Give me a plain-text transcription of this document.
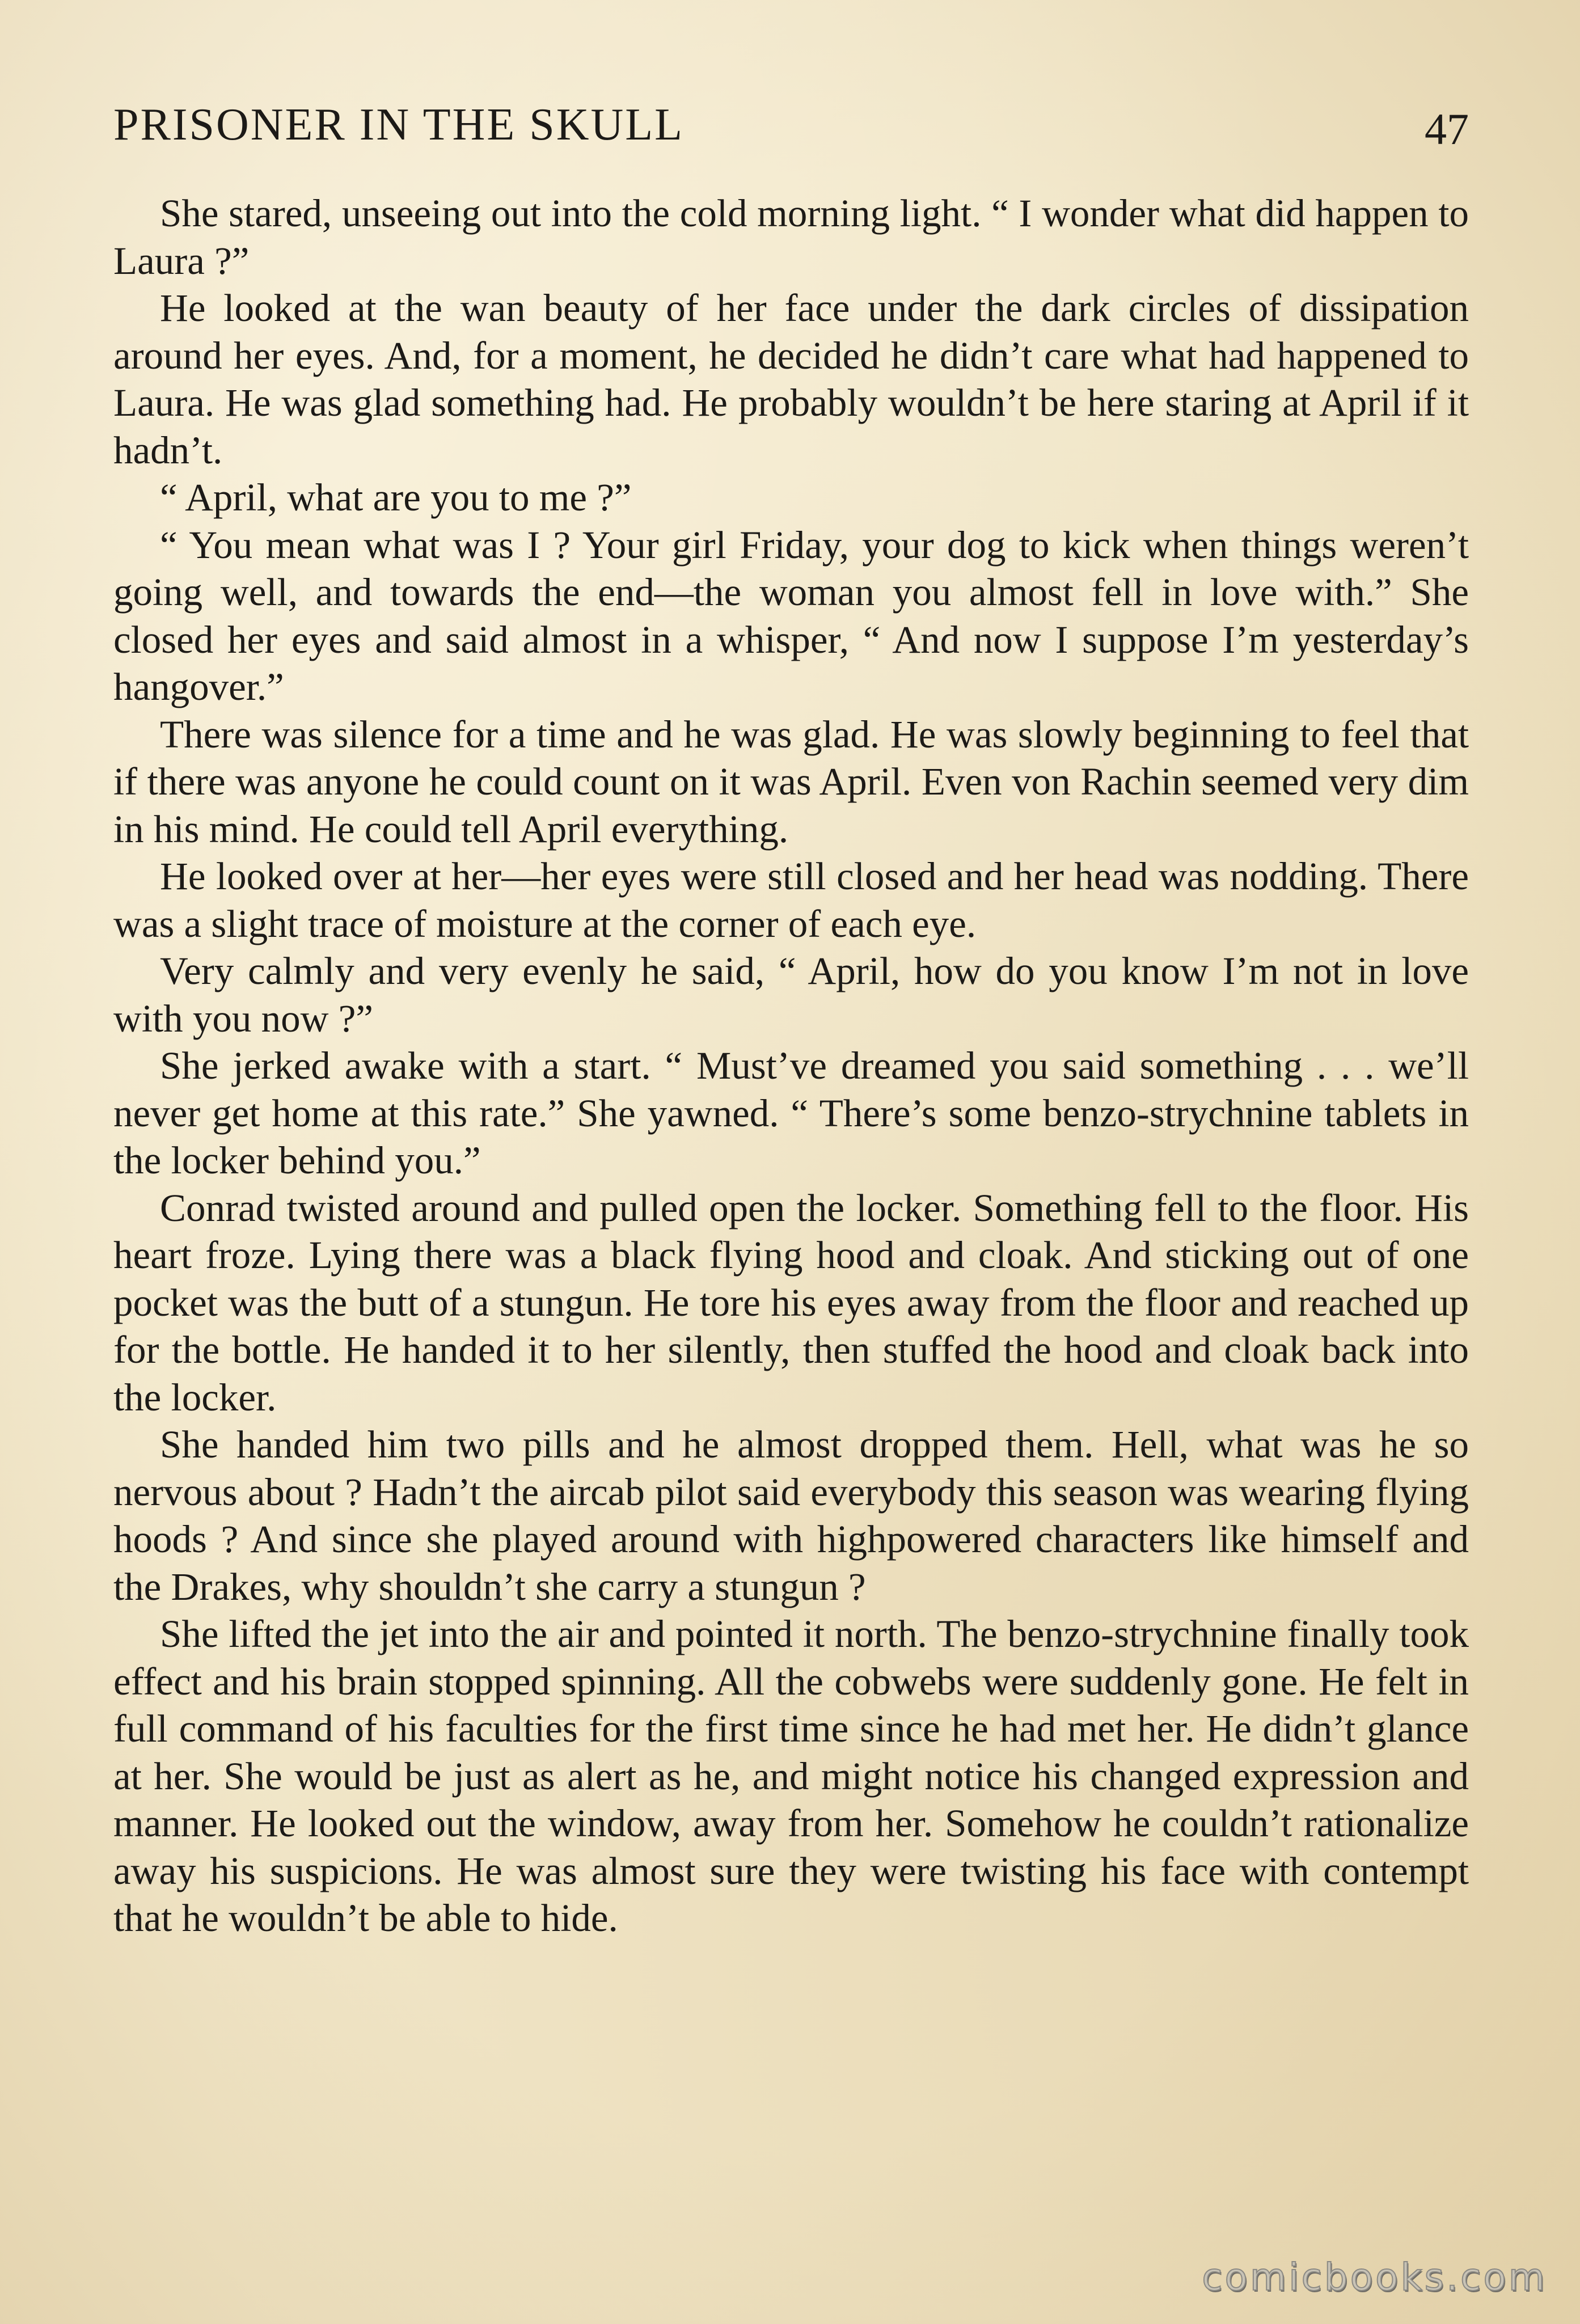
PRISONER IN THE SKULL	47

She stared, unseeing out into the cold morning light. “ I wonder what did happen to Laura ?”

He looked at the wan beauty of her face under the dark circles of dissipation around her eyes. And, for a moment, he decided he didn’t care what had happened to Laura. He was glad something had. He probably wouldn’t be here staring at April if it hadn’t.

“ April, what are you to me ?”

“ You mean what was I ? Your girl Friday, your dog to kick when things weren’t going well, and towards the end—the woman you almost fell in love with.” She closed her eyes and said almost in a whisper, “ And now I suppose I’m yesterday’s hangover.”

There was silence for a time and he was glad. He was slowly beginning to feel that if there was anyone he could count on it was April. Even von Rachin seemed very dim in his mind. He could tell April everything.

He looked over at her—her eyes were still closed and her head was nodding. There was a slight trace of moisture at the corner of each eye.

Very calmly and very evenly he said, “ April, how do you know I’m not in love with you now ?”

She jerked awake with a start. “ Must’ve dreamed you said something . . . we’ll never get home at this rate.” She yawned. “ There’s some benzo-strychnine tablets in the locker behind you.”

Conrad twisted around and pulled open the locker. Something fell to the floor. His heart froze. Lying there was a black flying hood and cloak. And sticking out of one pocket was the butt of a stungun. He tore his eyes away from the floor and reached up for the bottle. He handed it to her silently, then stuffed the hood and cloak back into the locker.

She handed him two pills and he almost dropped them. Hell, what was he so nervous about ? Hadn’t the aircab pilot said everybody this season was wearing flying hoods ? And since she played around with highpowered characters like himself and the Drakes, why shouldn’t she carry a stungun ?

She lifted the jet into the air and pointed it north. The benzo-strychnine finally took effect and his brain stopped spinning. All the cobwebs were suddenly gone. He felt in full command of his faculties for the first time since he had met her. He didn’t glance at her. She would be just as alert as he, and might notice his changed expression and manner. He looked out the window, away from her. Somehow he couldn’t rationalize away his suspicions. He was almost sure they were twisting his face with contempt that he wouldn’t be able to hide.

comicbooks.com
